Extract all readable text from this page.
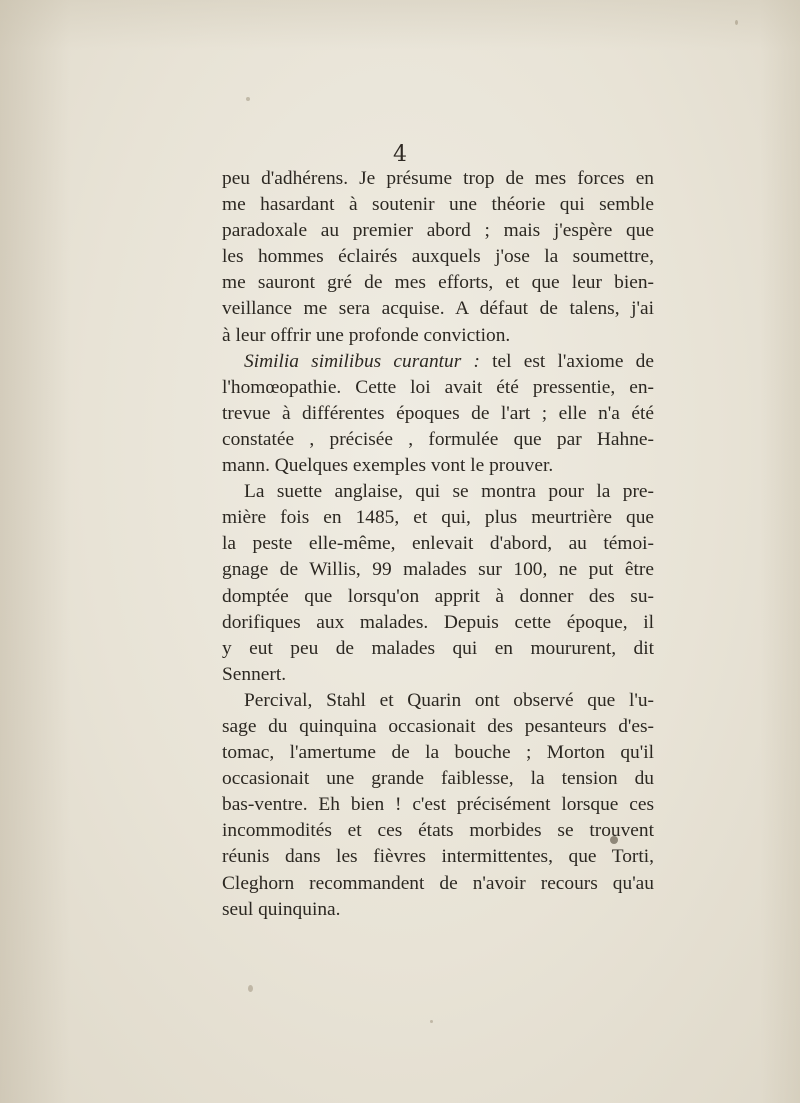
4
peu d'adhérens. Je présume trop de mes forces en
me hasardant à soutenir une théorie qui semble
paradoxale au premier abord ; mais j'espère que
les hommes éclairés auxquels j'ose la soumettre,
me sauront gré de mes efforts, et que leur bien-
veillance me sera acquise. A défaut de talens, j'ai
à leur offrir une profonde conviction.
Similia similibus curantur : tel est l'axiome de
l'homœopathie. Cette loi avait été pressentie, en-
trevue à différentes époques de l'art ; elle n'a été
constatée , précisée , formulée que par Hahne-
mann. Quelques exemples vont le prouver.
La suette anglaise, qui se montra pour la pre-
mière fois en 1485, et qui, plus meurtrière que
la peste elle-même, enlevait d'abord, au témoi-
gnage de Willis, 99 malades sur 100, ne put être
domptée que lorsqu'on apprit à donner des su-
dorifiques aux malades. Depuis cette époque, il
y eut peu de malades qui en moururent, dit
Sennert.
Percival, Stahl et Quarin ont observé que l'u-
sage du quinquina occasionait des pesanteurs d'es-
tomac, l'amertume de la bouche ; Morton qu'il
occasionait une grande faiblesse, la tension du
bas-ventre. Eh bien ! c'est précisément lorsque ces
incommodités et ces états morbides se trouvent
réunis dans les fièvres intermittentes, que Torti,
Cleghorn recommandent de n'avoir recours qu'au
seul quinquina.
